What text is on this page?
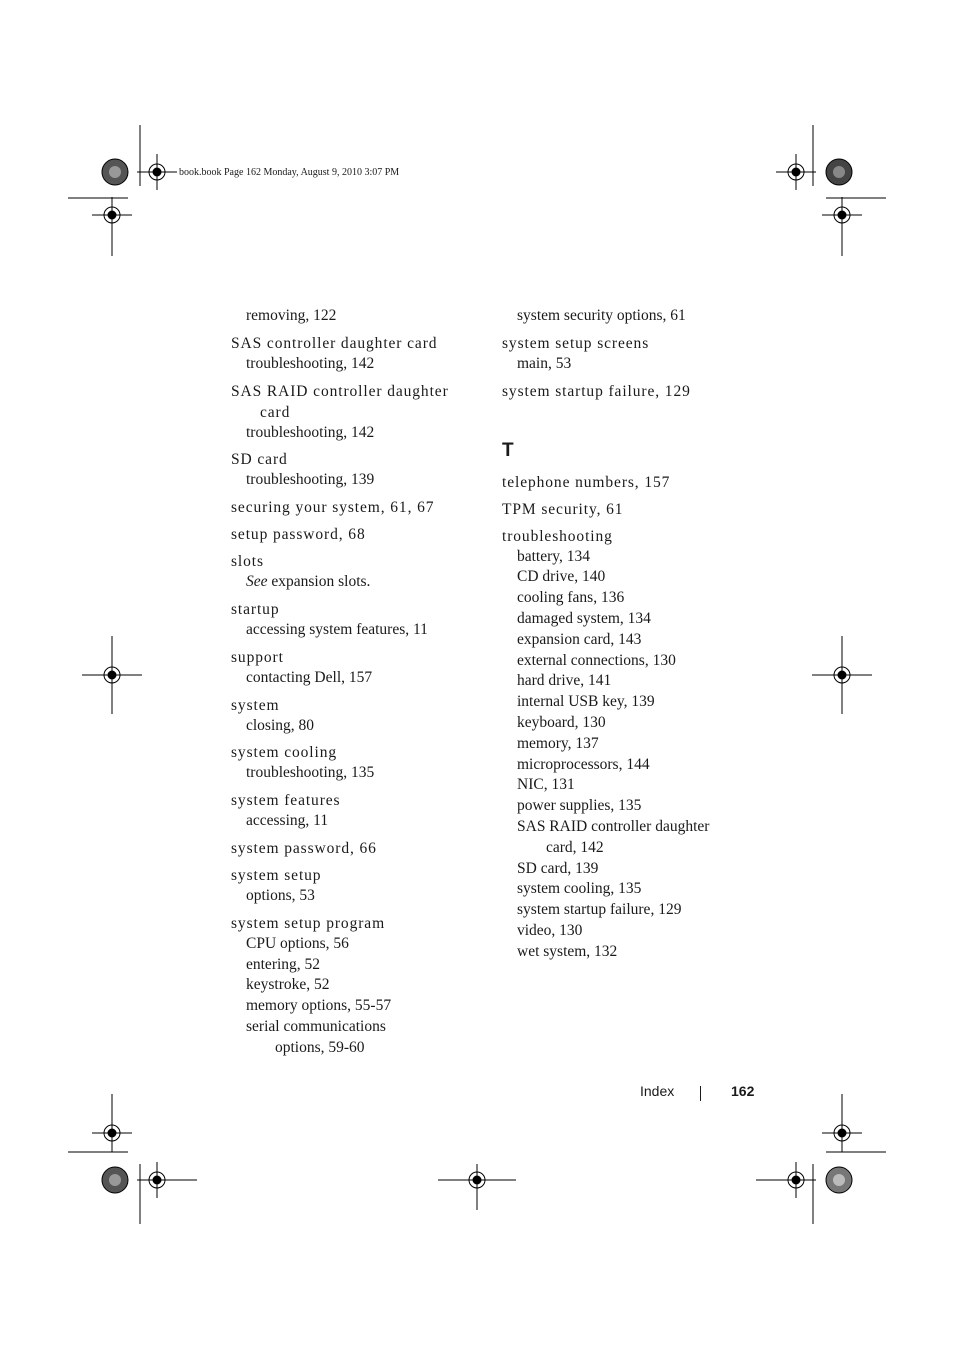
book.book Page 162 Monday, August 9, 2010 3:07 PM
removing, 122
SAS controller daughter card
troubleshooting, 142
SAS RAID controller daughter
card
troubleshooting, 142
SD card
troubleshooting, 139
securing your system, 61, 67
setup password, 68
slots
See expansion slots.
startup
accessing system features, 11
support
contacting Dell, 157
system
closing, 80
system cooling
troubleshooting, 135
system features
accessing, 11
system password, 66
system setup
options, 53
system setup program
CPU options, 56
entering, 52
keystroke, 52
memory options, 55-57
serial communications
options, 59-60
system security options, 61
system setup screens
main, 53
system startup failure, 129
T
telephone numbers, 157
TPM security, 61
troubleshooting
battery, 134
CD drive, 140
cooling fans, 136
damaged system, 134
expansion card, 143
external connections, 130
hard drive, 141
internal USB key, 139
keyboard, 130
memory, 137
microprocessors, 144
NIC, 131
power supplies, 135
SAS RAID controller daughter
card, 142
SD card, 139
system cooling, 135
system startup failure, 129
video, 130
wet system, 132
Index	162
